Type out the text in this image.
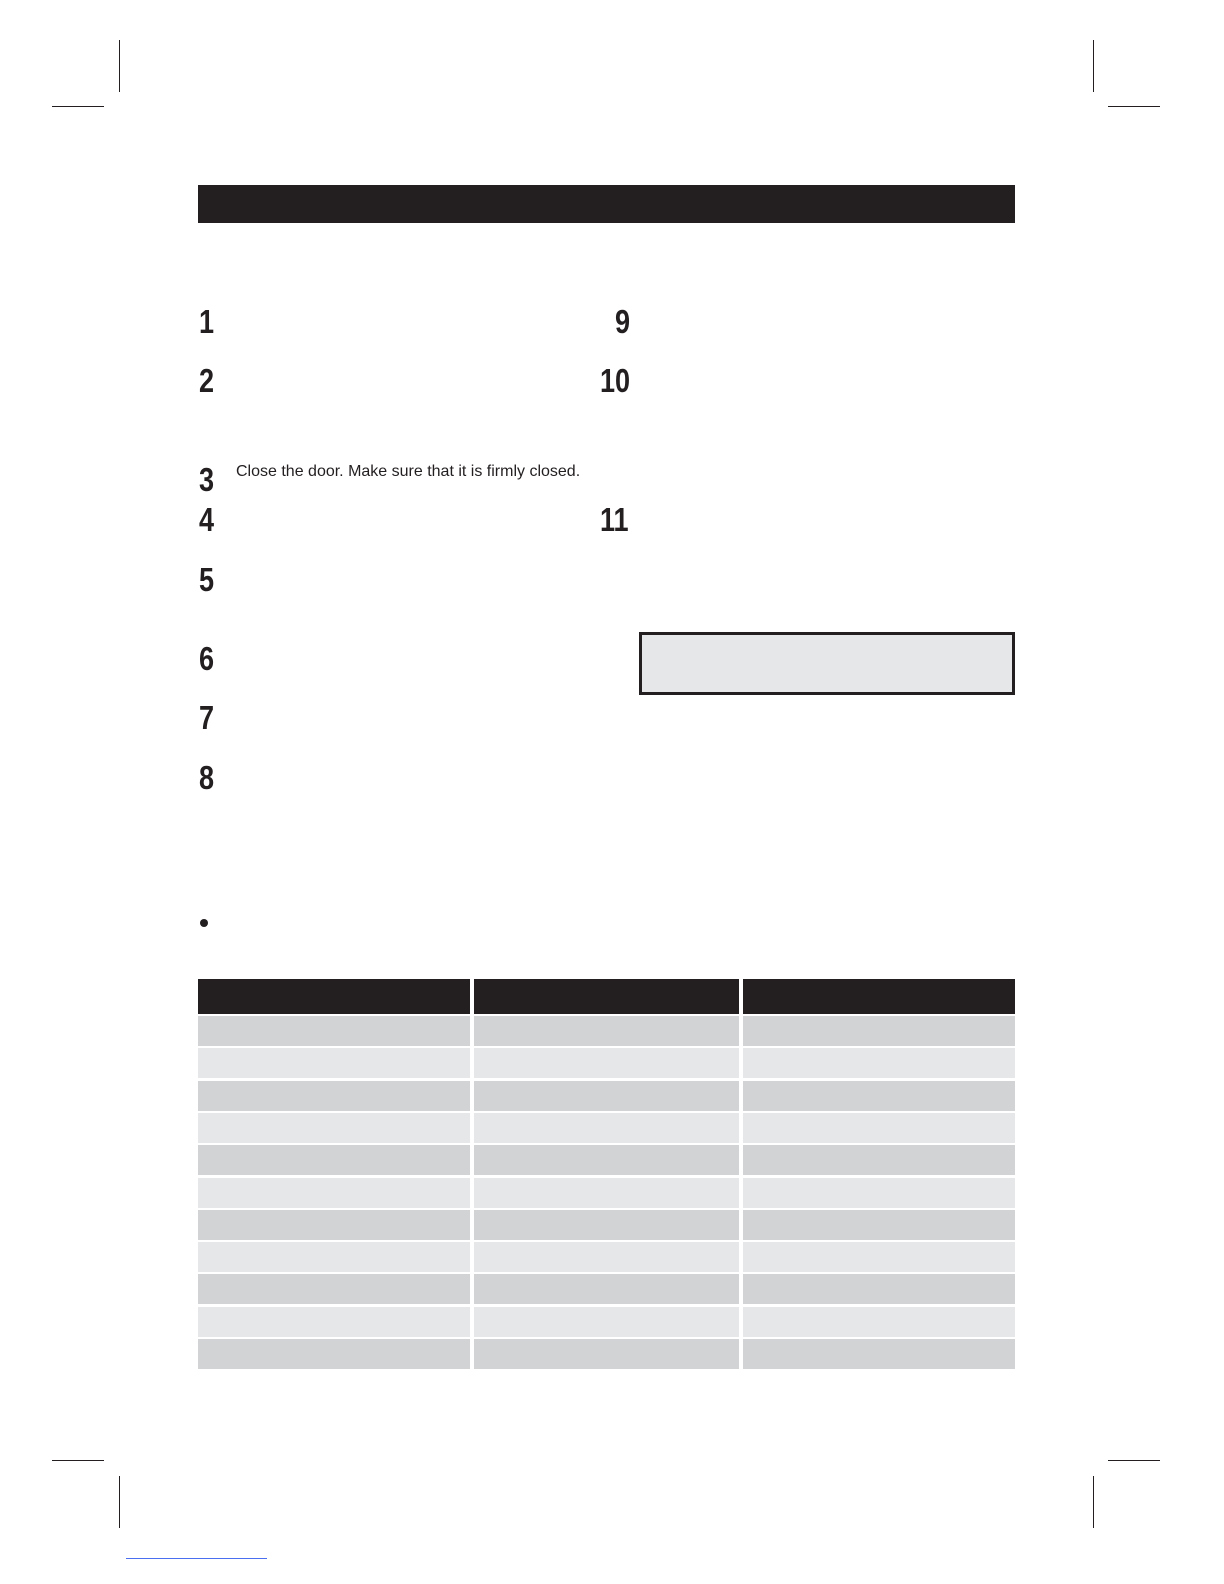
1
2
3
4
5
6
7
8
9
10
11
Close the door. Make sure that it is firmly closed.
